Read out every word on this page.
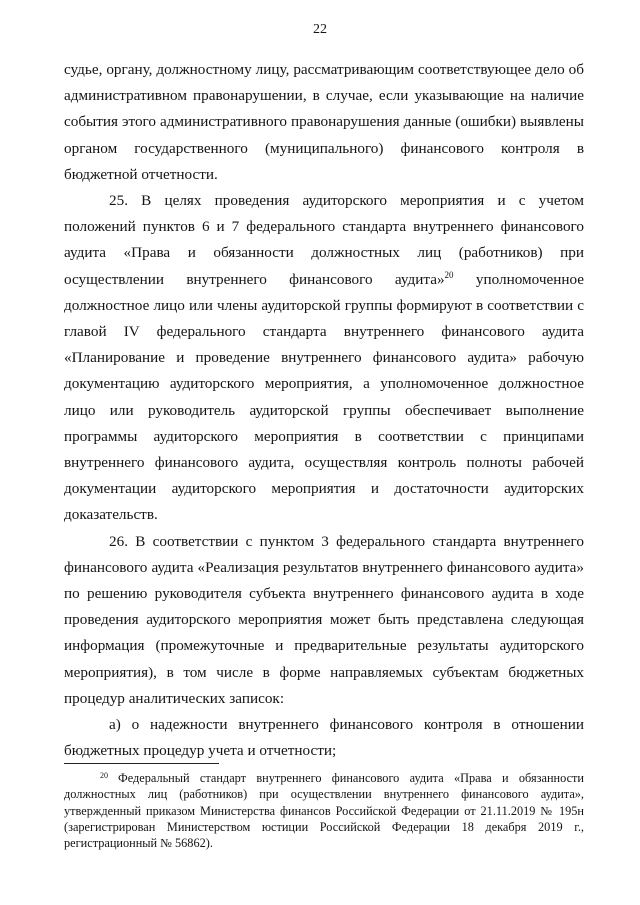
22

судье, органу, должностному лицу, рассматривающим соответствующее дело об административном правонарушении, в случае, если указывающие на наличие события этого административного правонарушения данные (ошибки) выявлены органом государственного (муниципального) финансового контроля в бюджетной отчетности.

25. В целях проведения аудиторского мероприятия и с учетом положений пунктов 6 и 7 федерального стандарта внутреннего финансового аудита «Права и обязанности должностных лиц (работников) при осуществлении внутреннего финансового аудита»$^{20}$ уполномоченное должностное лицо или члены аудиторской группы формируют в соответствии с главой IV федерального стандарта внутреннего финансового аудита «Планирование и проведение внутреннего финансового аудита» рабочую документацию аудиторского мероприятия, а уполномоченное должностное лицо или руководитель аудиторской группы обеспечивает выполнение программы аудиторского мероприятия в соответствии с принципами внутреннего финансового аудита, осуществляя контроль полноты рабочей документации аудиторского мероприятия и достаточности аудиторских доказательств.

26. В соответствии с пунктом 3 федерального стандарта внутреннего финансового аудита «Реализация результатов внутреннего финансового аудита» по решению руководителя субъекта внутреннего финансового аудита в ходе проведения аудиторского мероприятия может быть представлена следующая информация (промежуточные и предварительные результаты аудиторского мероприятия), в том числе в форме направляемых субъектам бюджетных процедур аналитических записок:

а) о надежности внутреннего финансового контроля в отношении бюджетных процедур учета и отчетности;

$^{20}$ Федеральный стандарт внутреннего финансового аудита «Права и обязанности должностных лиц (работников) при осуществлении внутреннего финансового аудита», утвержденный приказом Министерства финансов Российской Федерации от 21.11.2019 № 195н (зарегистрирован Министерством юстиции Российской Федерации 18 декабря 2019 г., регистрационный № 56862).
